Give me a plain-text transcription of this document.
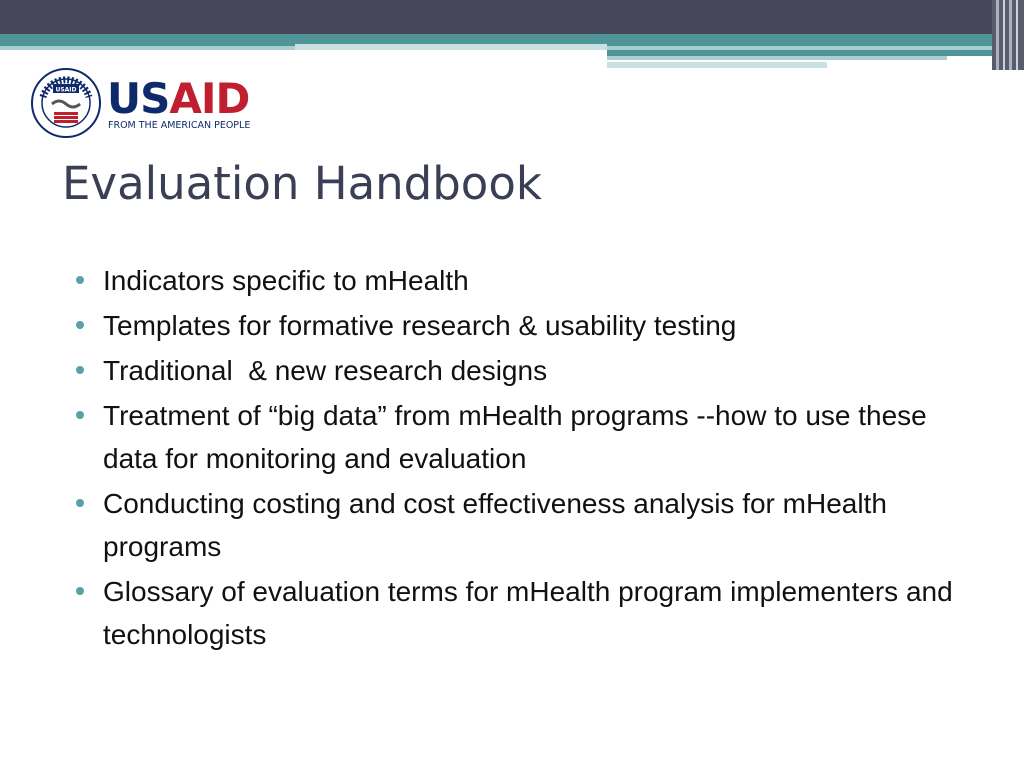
USAID USAID
FROM THE AMERICAN PEOPLE
Evaluation Handbook
Indicators specific to mHealth
Templates for formative research & usability testing
Traditional  & new research designs
Treatment of “big data” from mHealth programs --how to use these data for monitoring and evaluation
Conducting costing and cost effectiveness analysis for mHealth programs
Glossary of evaluation terms for mHealth program implementers and technologists
